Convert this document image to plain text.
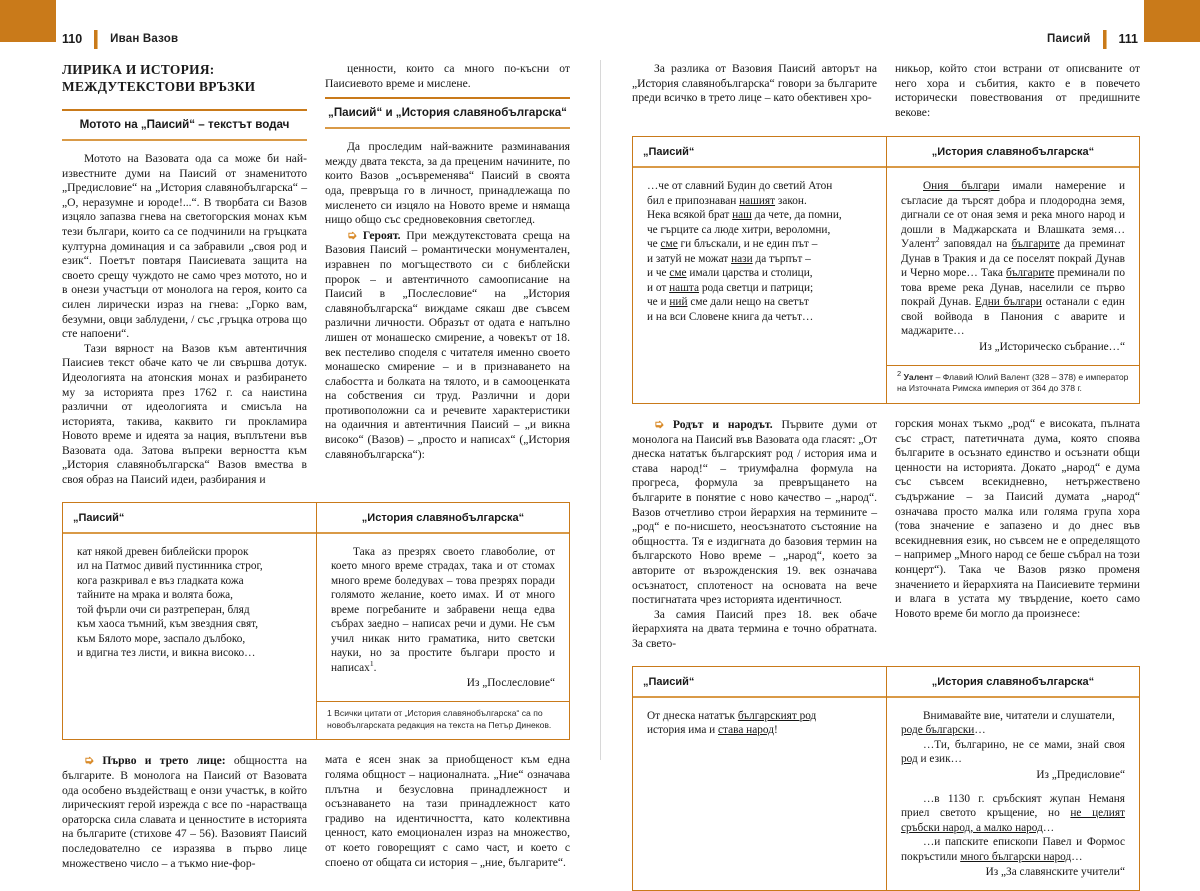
110 Иван Вазов	111
Паисий
ЛИРИКА И ИСТОРИЯ:
МЕЖДУТЕКСТОВИ ВРЪЗКИ
Мотото на „Паисий“ – текстът водач

Мотото на Вазовата ода са може би най-известните думи на Паисий от знаменитото „Предисловие“ на „История славянобългарска“ – „О, неразумне и юроде!...“. В творбата си Вазов изцяло запазва гнева на светогорския монах към тези българи, които са се подчинили на гръцката културна доминация и са забравили „своя род и език“. Поетът повтаря Паисиевата защита на своето срещу чуждото не само чрез мотото, но и в онези участъци от монолога на героя, които са силен лирически израз на гнева: „Горко вам, безумни, овци заблудени, / със ,гръцка отрова що сте напоени“.

Тази вярност на Вазов към автентичния Паисиев текст обаче като че ли свършва дотук. Идеологията на атонския монах и разбирането му за историята през 1762 г. са наистина различни от идеологията и смисъла на историята, такива, каквито ги прокламира Новото време и идеята за нация, въплътени във Вазовата ода. Затова въпреки верността към „История славянобългарска“ Вазов вмества в своя образ на Паисий идеи, разбирания и

ценности, които са много по-късни от Паисиевото време и мислене.

„Паисий“ и „История славянобългарска“

Да проследим най-важните разминавания между двата текста, за да преценим начините, по които Вазов „осъвременява“ Паисий в своята ода, превръща го в личност, принадлежаща по мисленето си изцяло на Новото време и нямаща нищо общо със средновековния светоглед.

➭ Героят. При междутекстовата среща на Вазовия Паисий – романтически монументален, изравнен по могъществото си с библейски пророк – и автентичното самоописание на Паисий в „Послесловие“ на „История славянобългарска“ виждаме сякаш две съвсем различни личности. Образът от одата е напълно лишен от монашеско смирение, а човекът от 18. век пестеливо споделя с читателя именно своето монашеско смирение – и в признаването на слабостта и болката на тялото, и в самооценката на собствения си труд. Различни и дори противоположни са и речевите характеристики на одаичния и автентичния Паисий – „и викна високо“ (Вазов) – „просто и написах“ („История славянобългарска“):

„Паисий“

кат някой древен библейски пророк

ил на Патмос дивий пустинника строг,

кога разкривал е въз гладката кожа

тайните на мрака и волята божа,

той фърли очи си разтреперан, бляд

към хаоса тъмний, към звездния свят,

към Бялото море, заспало дълбоко,

и вдигна тез листи, и викна високо…

„История славянобългарска“

Така аз презрях своето главоболие, от което много време страдах, така и от стомах много време боледувах – това презрях поради голямото желание, което имах. И от много време погребаните и забравени неща едва събрах заедно – написах речи и думи. Не съм учил никак нито граматика, нито светски науки, но за простите българи просто и написах$^1$.

Из „Послесловие“
1 Всички цитати от „История славянобългарска“ са по новобългарската редакция на текста на Петър Динеков.

➭ Първо и трето лице: общността на българите. В монолога на Паисий от Вазовата ода особено въздействащ е онзи участък, в който лирическият герой изрежда с все по -нарастваща ораторска сила славата и ценностите в историята на българите (стихове 47 – 56). Вазовият Паисий последователно се изразява в първо лице множествено число – а тъкмо ние-фор-

мата е ясен знак за приобщеност към една голяма общност – националната. „Ние“ означава плътна и безусловна принадлежност и осъзнаването на тази принадлежност като градиво на идентичността, като колективна ценност, като емоционален израз на множество, от което говорещият с само част, и което с споено от общата си история – „ние, българите“.

За разлика от Вазовия Паисий авторът на „История славянобългарска“ говори за българите преди всичко в трето лице – като обективен хро-

никьор, който стои встрани от описваните от него хора и събития, както е в повечето исторически повествования от предишните векове:

„Паисий“

…че от славний Будин до светий Атон

бил е припознаван нашият закон.

Нека всякой брат наш да чете, да помни,

че гърците са люде хитри, вероломни,

че сме ги блъскали, и не един път –

и затуй не можат нази да търпът –

и че сме имали царства и столици,

и от нашта рода светци и патрици;

че и ний сме дали нещо на светът

и на вси Словене книга да четът…

„История славянобългарска“

Ония българи имали намерение и съгласие да търсят добра и плодородна земя, дигнали се от оная земя и река много народ и дошли в Маджарската и Влашката земя… Уалент$^2$ заповядал на българите да преминат Дунав в Тракия и да се поселят покрай Дунав и Черно море… Така българите преминали по това време река Дунав, населили се първо покрай Дунав. Едни българи останали с един свой войвода в Панония с аварите и маджарите…

Из „Историческо събрание…“
$^2$ Уалент – Флавий Юлий Валент (328 – 378) е император на Източната Римска империя от 364 до 378 г.

➭ Родът и народът. Първите думи от монолога на Паисий във Вазовата ода гласят: „От днеска нататък българският род / история има и става народ!“ – триумфална формула на прогреса, формула за превръщането на българите в понятие с ново качество – „народ“. Вазов отчетливо строи йерархия на термините – „род“ е по-нисшето, неосъзнатото състояние на общността. Тя е издигната до базовия термин на българското Ново време – „народ“, което за авторите от възрожденския 19. век означава осъзнатост, сплотеност на основата на вече постигнатата чрез историята идентичност.

За самия Паисий през 18. век обаче йерархията на двата термина е точно обратната. За свето-

горския монах тъкмо „род“ е високата, пълната със страст, патетичната дума, която споява българите в осъзнато единство и осъзнати общи ценности на историята. Докато „народ“ е дума със съвсем всекидневно, нетържествено съдържание – за Паисий думата „народ“ означава просто малка или голяма група хора (това значение е запазено и до днес във всекидневния език, но съвсем не е определящото – например „Много народ се беше събрал на този концерт“). Така че Вазов рязко променя значението и йерархията на Паисиевите термини и влага в устата му твърдение, което само Новото време би могло да произнесе:

„Паисий“

От днеска нататък българският род

история има и става народ!

„История славянобългарска“

Внимавайте вие, читатели и слушатели,
роде български…

…Ти, българино, не се мами, знай своя род и език…

Из „Предисловие“

…в 1130 г. сръбският жупан Неманя приел светото кръщение, но не целият сръбски народ, а малко народ…

…и папските епископи Павел и Формос покръстили много български народ…

Из „За славянските учители“
